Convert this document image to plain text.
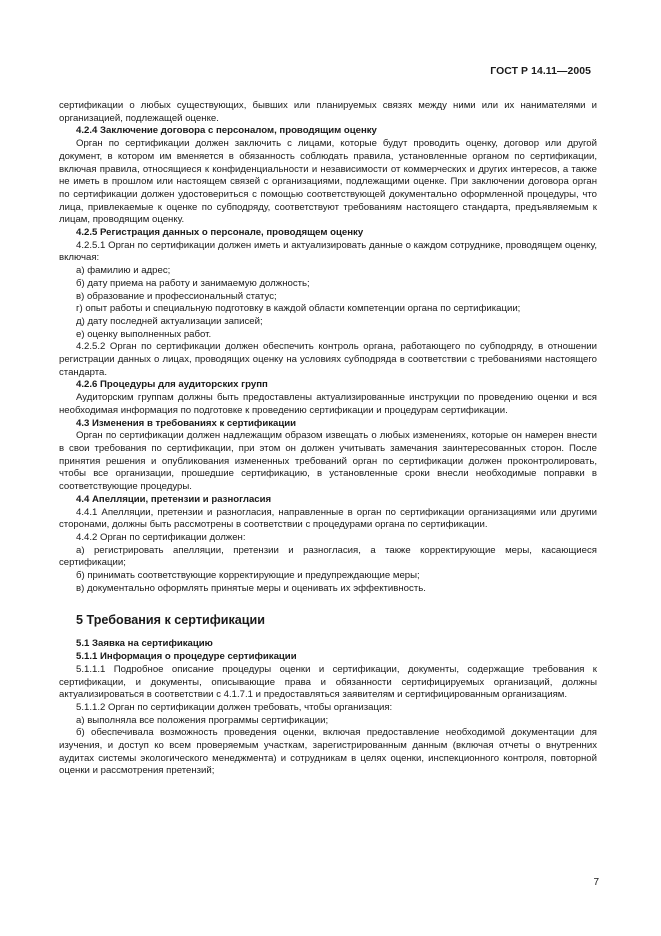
ГОСТ Р 14.11—2005

сертификации о любых существующих, бывших или планируемых связях между ними или их нанимателями и организацией, подлежащей оценке.

4.2.4 Заключение договора с персоналом, проводящим оценку

Орган по сертификации должен заключить с лицами, которые будут проводить оценку, договор или другой документ, в котором им вменяется в обязанность соблюдать правила, установленные органом по сертификации, включая правила, относящиеся к конфиденциальности и независимости от коммерческих и других интересов, а также не иметь в прошлом или настоящем связей с организациями, подлежащими оценке. При заключении договора орган по сертификации должен удостовериться с помощью соответствующей документально оформленной процедуры, что лица, привлекаемые к оценке по субподряду, соответствуют требованиям настоящего стандарта, предъявляемым к лицам, проводящим оценку.

4.2.5 Регистрация данных о персонале, проводящем оценку

4.2.5.1 Орган по сертификации должен иметь и актуализировать данные о каждом сотруднике, проводящем оценку, включая:

а) фамилию и адрес;

б) дату приема на работу и занимаемую должность;

в) образование и профессиональный статус;

г) опыт работы и специальную подготовку в каждой области компетенции органа по сертификации;

д) дату последней актуализации записей;

е) оценку выполненных работ.

4.2.5.2 Орган по сертификации должен обеспечить контроль органа, работающего по субподряду, в отношении регистрации данных о лицах, проводящих оценку на условиях субподряда в соответствии с требованиями настоящего стандарта.

4.2.6 Процедуры для аудиторских групп

Аудиторским группам должны быть предоставлены актуализированные инструкции по проведению оценки и вся необходимая информация по подготовке к проведению сертификации и процедурам сертификации.

4.3 Изменения в требованиях к сертификации

Орган по сертификации должен надлежащим образом извещать о любых изменениях, которые он намерен внести в свои требования по сертификации, при этом он должен учитывать замечания заинтересованных сторон. После принятия решения и опубликования измененных требований орган по сертификации должен проконтролировать, чтобы все организации, прошедшие сертификацию, в установленные сроки внесли необходимые поправки в соответствующие процедуры.

4.4 Апелляции, претензии и разногласия

4.4.1 Апелляции, претензии и разногласия, направленные в орган по сертификации организациями или другими сторонами, должны быть рассмотрены в соответствии с процедурами органа по сертификации.

4.4.2 Орган по сертификации должен:

а) регистрировать апелляции, претензии и разногласия, а также корректирующие меры, касающиеся сертификации;

б) принимать соответствующие корректирующие и предупреждающие меры;

в) документально оформлять принятые меры и оценивать их эффективность.

5 Требования к сертификации

5.1 Заявка на сертификацию

5.1.1 Информация о процедуре сертификации

5.1.1.1 Подробное описание процедуры оценки и сертификации, документы, содержащие требования к сертификации, и документы, описывающие права и обязанности сертифицируемых организаций, должны актуализироваться в соответствии с 4.1.7.1 и предоставляться заявителям и сертифицированным организациям.

5.1.1.2 Орган по сертификации должен требовать, чтобы организация:

а) выполняла все положения программы сертификации;

б) обеспечивала возможность проведения оценки, включая предоставление необходимой документации для изучения, и доступ ко всем проверяемым участкам, зарегистрированным данным (включая отчеты о внутренних аудитах системы экологического менеджмента) и сотрудникам в целях оценки, инспекционного контроля, повторной оценки и рассмотрения претензий;

7
